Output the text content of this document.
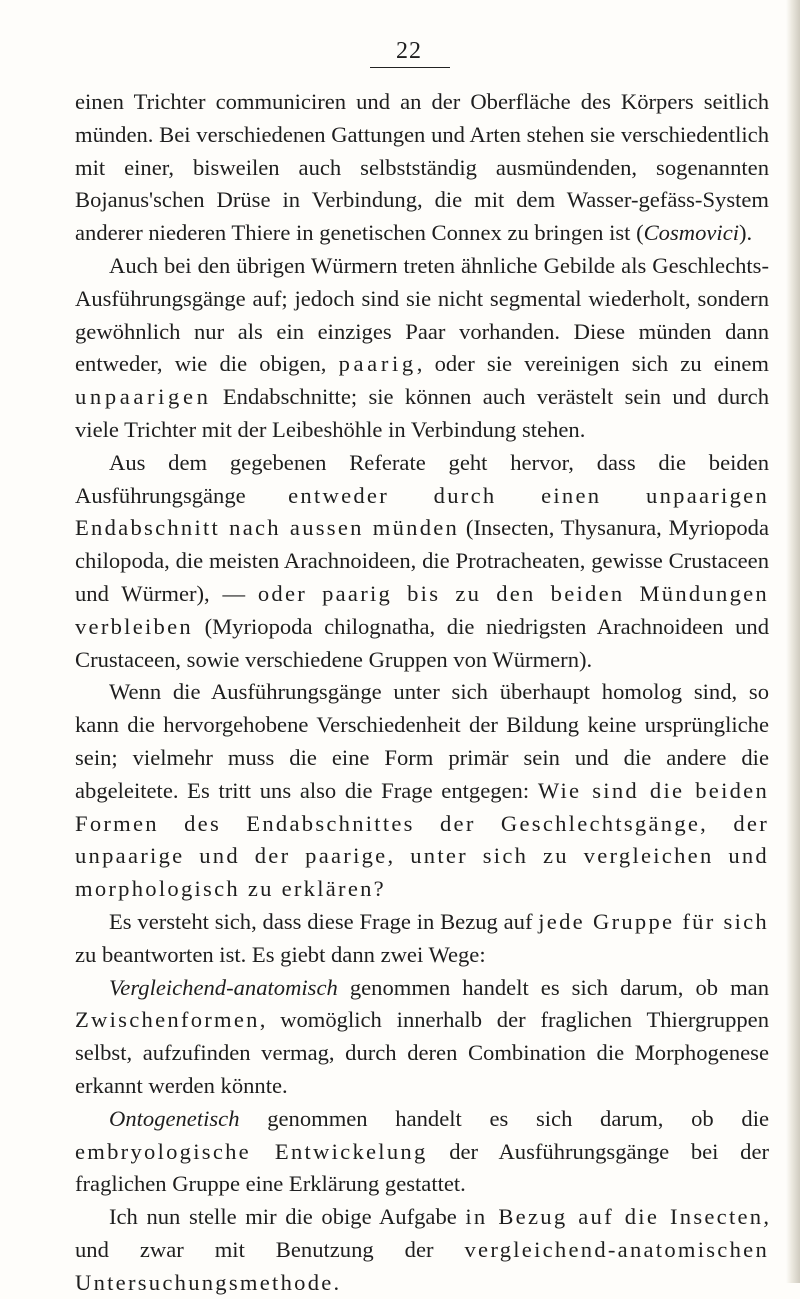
22

einen Trichter communiciren und an der Oberfläche des Körpers seitlich münden. Bei verschiedenen Gattungen und Arten stehen sie verschiedentlich mit einer, bisweilen auch selbstständig ausmündenden, sogenannten Bojanus'schen Drüse in Verbindung, die mit dem Wasser-gefäss-System anderer niederen Thiere in genetischen Connex zu bringen ist (Cosmovici).

Auch bei den übrigen Würmern treten ähnliche Gebilde als Geschlechts-Ausführungsgänge auf; jedoch sind sie nicht segmental wiederholt, sondern gewöhnlich nur als ein einziges Paar vorhanden. Diese münden dann entweder, wie die obigen, paarig, oder sie vereinigen sich zu einem unpaarigen Endabschnitte; sie können auch verästelt sein und durch viele Trichter mit der Leibeshöhle in Verbindung stehen.

Aus dem gegebenen Referate geht hervor, dass die beiden Ausführungsgänge entweder durch einen unpaarigen Endabschnitt nach aussen münden (Insecten, Thysanura, Myriopoda chilopoda, die meisten Arachnoideen, die Protracheaten, gewisse Crustaceen und Würmer), — oder paarig bis zu den beiden Mündungen verbleiben (Myriopoda chilognatha, die niedrigsten Arachnoideen und Crustaceen, sowie verschiedene Gruppen von Würmern).

Wenn die Ausführungsgänge unter sich überhaupt homolog sind, so kann die hervorgehobene Verschiedenheit der Bildung keine ursprüngliche sein; vielmehr muss die eine Form primär sein und die andere die abgeleitete. Es tritt uns also die Frage entgegen: Wie sind die beiden Formen des Endabschnittes der Geschlechtsgänge, der unpaarige und der paarige, unter sich zu vergleichen und morphologisch zu erklären?

Es versteht sich, dass diese Frage in Bezug auf jede Gruppe für sich zu beantworten ist. Es giebt dann zwei Wege:

Vergleichend-anatomisch genommen handelt es sich darum, ob man Zwischenformen, womöglich innerhalb der fraglichen Thiergruppen selbst, aufzufinden vermag, durch deren Combination die Morphogenese erkannt werden könnte.

Ontogenetisch genommen handelt es sich darum, ob die embryologische Entwickelung der Ausführungsgänge bei der fraglichen Gruppe eine Erklärung gestattet.

Ich nun stelle mir die obige Aufgabe in Bezug auf die Insecten, und zwar mit Benutzung der vergleichend-anatomischen Untersuchungsmethode.
